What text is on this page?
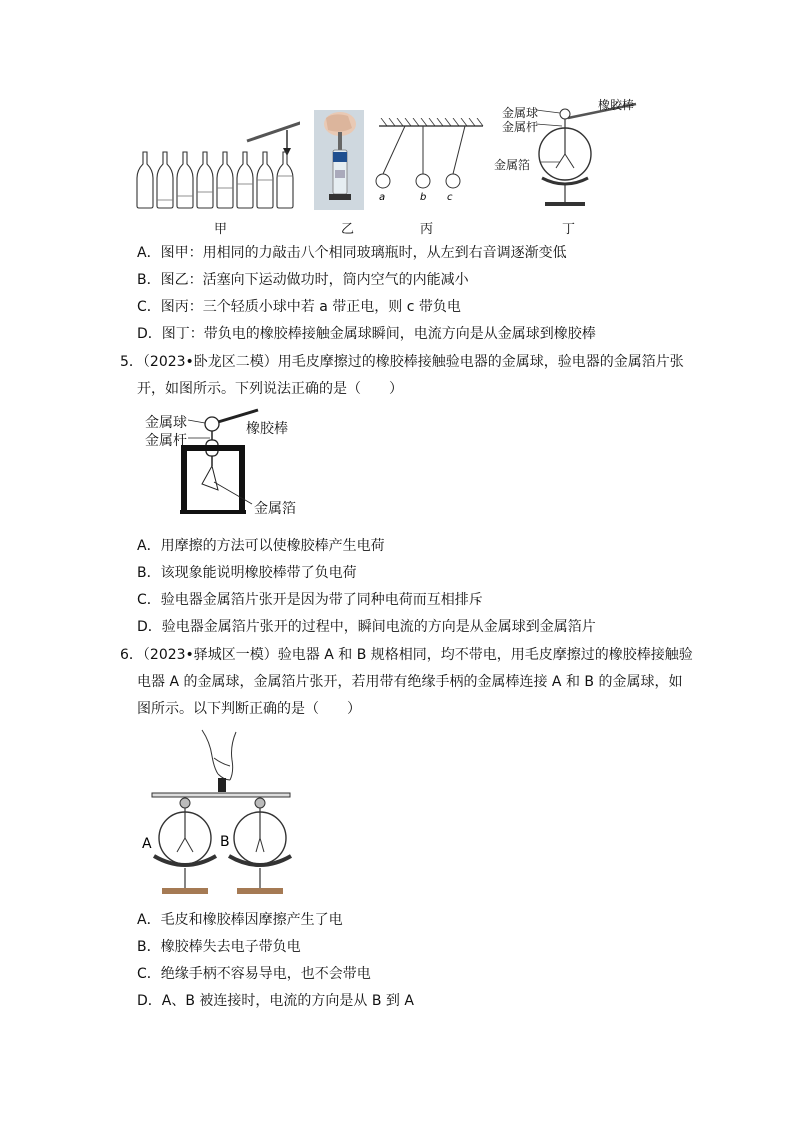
甲	乙
a	b c
丙
金属球
金属杆
金属箔
橡胶棒
丁
A．图甲：用相同的力敲击八个相同玻璃瓶时，从左到右音调逐渐变低
B．图乙：活塞向下运动做功时，筒内空气的内能减小
C．图丙：三个轻质小球中若 a 带正电，则 c 带负电
D．图丁：带负电的橡胶棒接触金属球瞬间，电流方向是从金属球到橡胶棒
5．（2023•卧龙区二模）用毛皮摩擦过的橡胶棒接触验电器的金属球，验电器的金属箔片张
开，如图所示。下列说法正确的是（　　）
金属球
金属杆
橡胶棒
金属箔
A．用摩擦的方法可以使橡胶棒产生电荷
B．该现象能说明橡胶棒带了负电荷
C．验电器金属箔片张开是因为带了同种电荷而互相排斥
D．验电器金属箔片张开的过程中，瞬间电流的方向是从金属球到金属箔片
6．（2023•驿城区一模）验电器 A 和 B 规格相同，均不带电，用毛皮摩擦过的橡胶棒接触验
电器 A 的金属球，金属箔片张开，若用带有绝缘手柄的金属棒连接 A 和 B 的金属球，如
图所示。以下判断正确的是（　　）
A	B
A．毛皮和橡胶棒因摩擦产生了电
B．橡胶棒失去电子带负电
C．绝缘手柄不容易导电，也不会带电
D．A、B 被连接时，电流的方向是从 B 到 A
